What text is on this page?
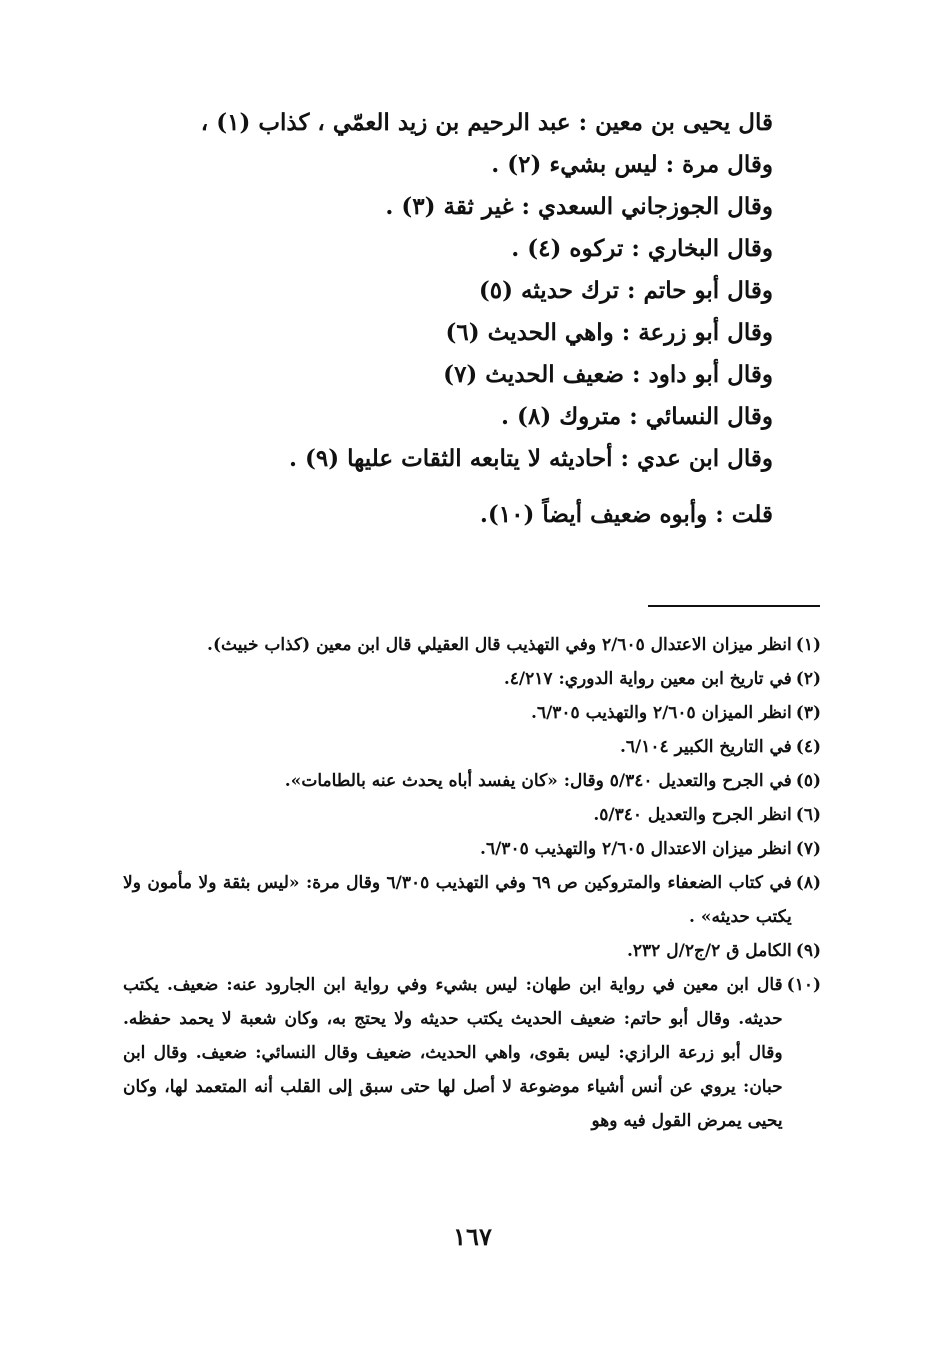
قال يحيى بن معين : عبد الرحيم بن زيد العمّي ، كذاب (١) ،
وقال مرة : ليس بشيء (٢) .
وقال الجوزجاني السعدي : غير ثقة (٣) .
وقال البخاري : تركوه (٤) .
وقال أبو حاتم : ترك حديثه (٥)
وقال أبو زرعة : واهي الحديث (٦)
وقال أبو داود : ضعيف الحديث (٧)
وقال النسائي : متروك (٨) .
وقال ابن عدي : أحاديثه لا يتابعه الثقات عليها (٩) .
قلت : وأبوه ضعيف أيضاً (١٠).
(١)
انظر ميزان الاعتدال ٢/٦٠٥ وفي التهذيب قال العقيلي قال ابن معين (كذاب خبيث).
(٢)
في تاريخ ابن معين رواية الدوري: ٤/٢١٧.
(٣)
انظر الميزان ٢/٦٠٥ والتهذيب ٦/٣٠٥.
(٤)
في التاريخ الكبير ٦/١٠٤.
(٥)
في الجرح والتعديل ٥/٣٤٠ وقال: «كان يفسد أباه يحدث عنه بالطامات».
(٦)
انظر الجرح والتعديل ٥/٣٤٠.
(٧)
انظر ميزان الاعتدال ٢/٦٠٥ والتهذيب ٦/٣٠٥.
(٨)
في كتاب الضعفاء والمتروكين ص ٦٩ وفي التهذيب ٦/٣٠٥ وقال مرة: «ليس بثقة ولا مأمون ولا يكتب حديثه» .
(٩)
الكامل ق ٢/ج٢/ل ٢٣٢.
(١٠)
قال ابن معين في رواية ابن طهان: ليس بشيء وفي رواية ابن الجارود عنه: ضعيف. يكتب حديثه. وقال أبو حاتم: ضعيف الحديث يكتب حديثه ولا يحتج به، وكان شعبة لا يحمد حفظه. وقال أبو زرعة الرازي: ليس بقوى، واهي الحديث، ضعيف وقال النسائي: ضعيف. وقال ابن حبان: يروي عن أنس أشياء موضوعة لا أصل لها حتى سبق إلى القلب أنه المتعمد لها، وكان يحيى يمرض القول فيه وهو
١٦٧
